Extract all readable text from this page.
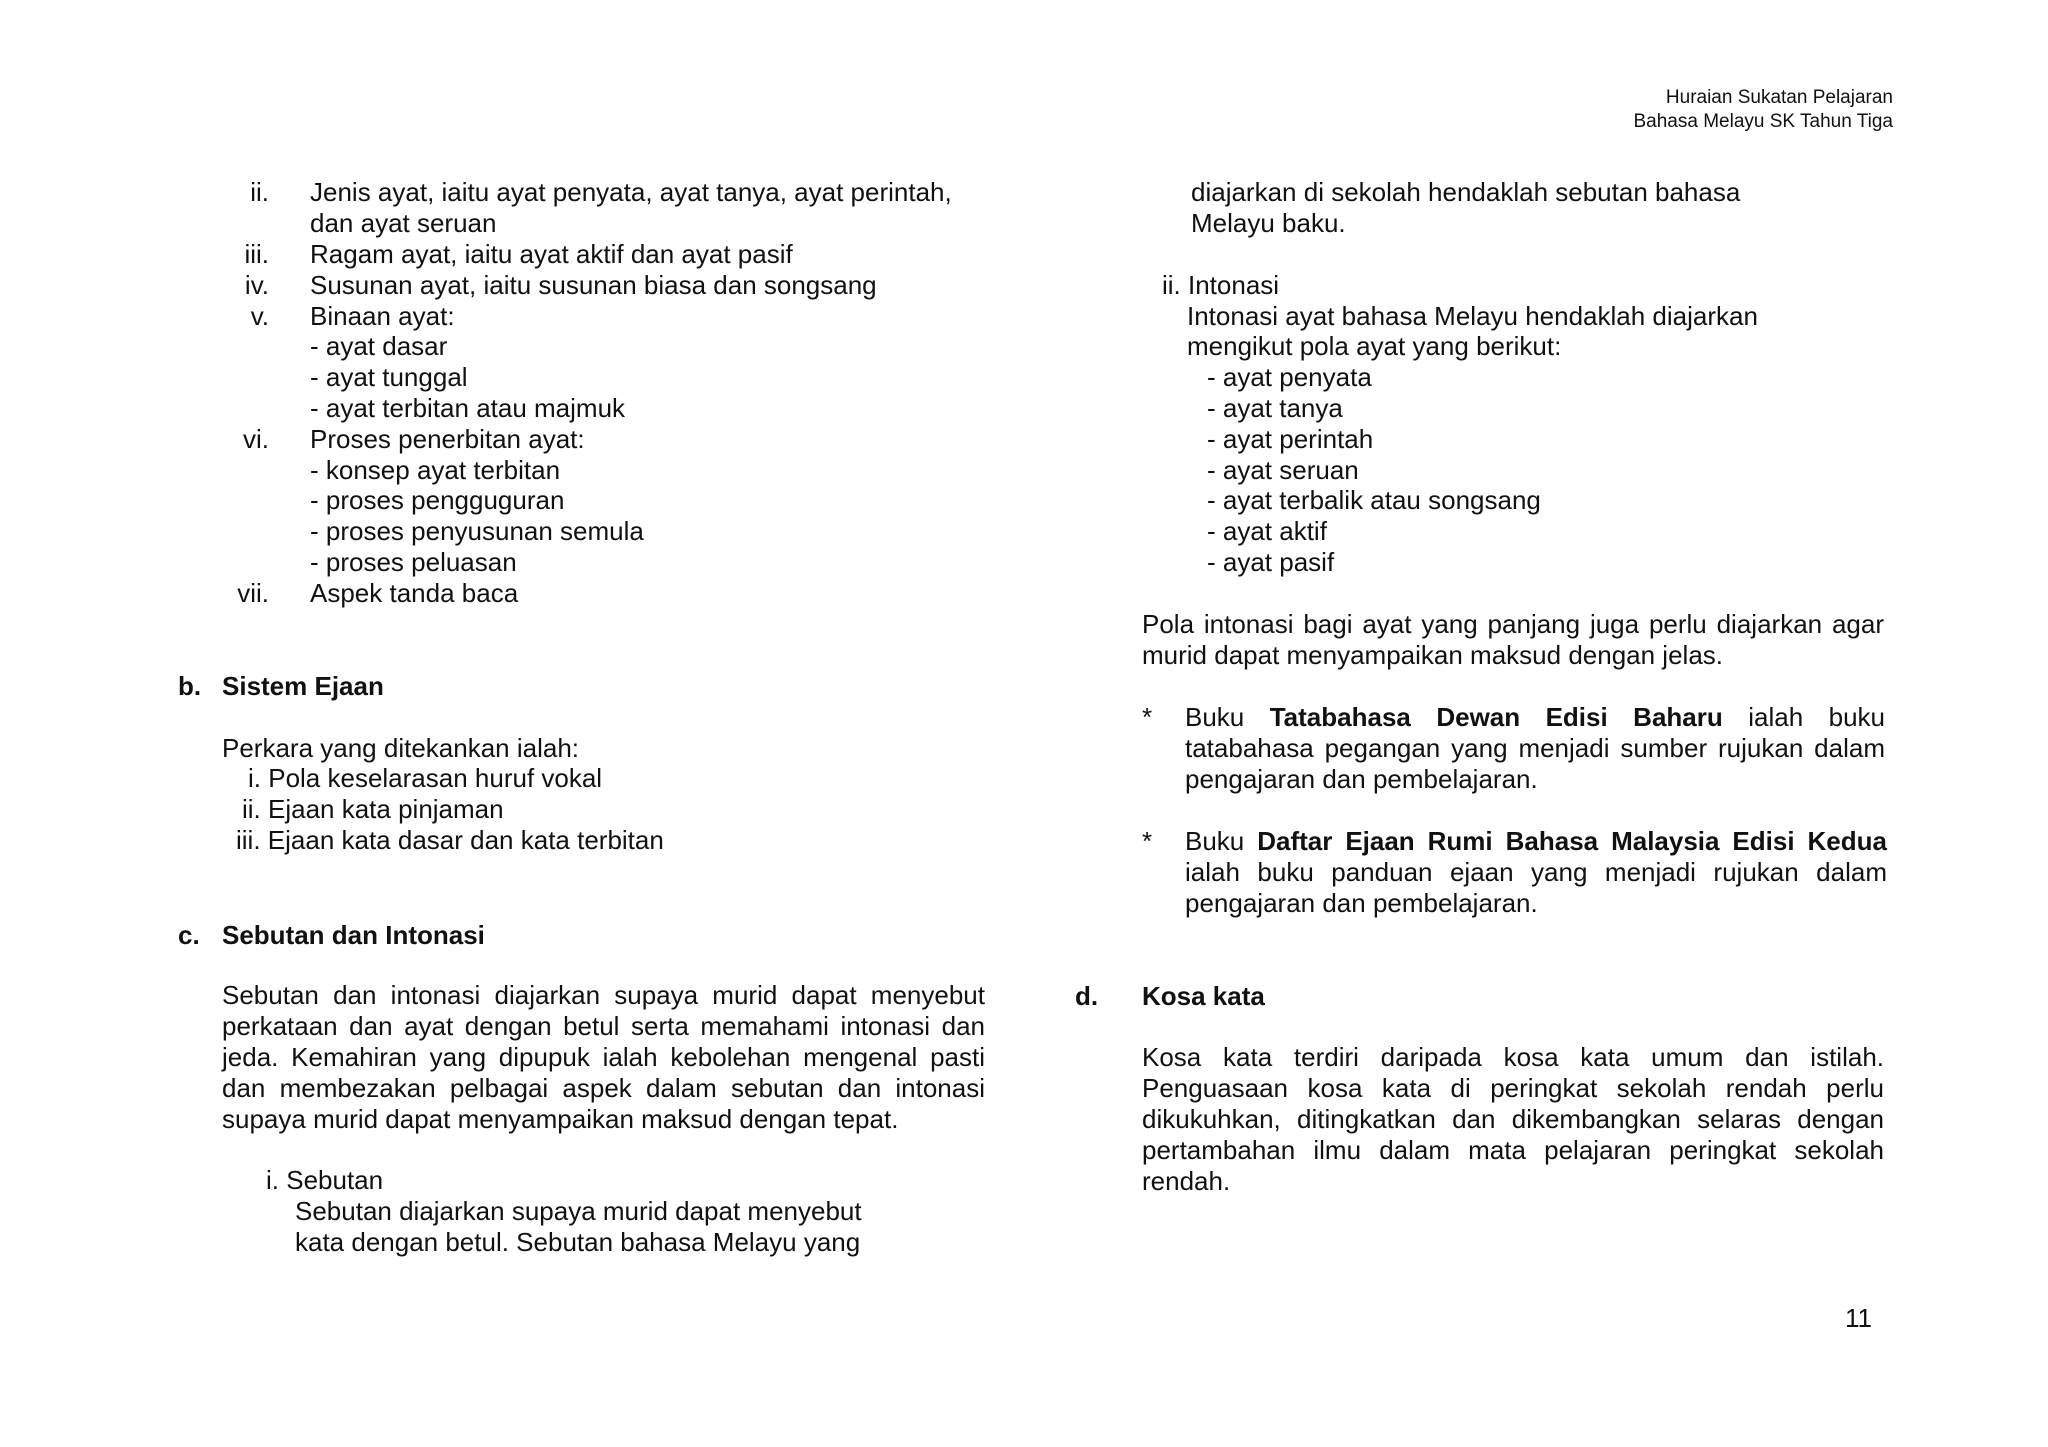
Huraian Sukatan Pelajaran
Bahasa Melayu SK Tahun Tiga
ii. Jenis ayat, iaitu ayat penyata, ayat tanya, ayat perintah,
dan ayat seruan
iii. Ragam ayat, iaitu ayat aktif dan ayat pasif
iv. Susunan ayat, iaitu susunan biasa dan songsang
v. Binaan ayat:
- ayat dasar
- ayat tunggal
- ayat terbitan atau majmuk
vi. Proses penerbitan ayat:
- konsep ayat terbitan
- proses pengguguran
- proses penyusunan semula
- proses peluasan
vii. Aspek tanda baca
b. Sistem Ejaan
Perkara yang ditekankan ialah:
i. Pola keselarasan huruf vokal
ii. Ejaan kata pinjaman
iii. Ejaan kata dasar dan kata terbitan
c. Sebutan dan Intonasi
Sebutan dan intonasi diajarkan supaya murid dapat menyebut perkataan dan ayat dengan betul serta memahami intonasi dan jeda. Kemahiran yang dipupuk ialah kebolehan mengenal pasti dan membezakan pelbagai aspek dalam sebutan dan intonasi supaya murid dapat menyampaikan maksud dengan tepat.
i. Sebutan
Sebutan diajarkan supaya murid dapat menyebut
kata dengan betul. Sebutan bahasa Melayu yang
diajarkan di sekolah hendaklah sebutan bahasa
Melayu baku.
ii. Intonasi
Intonasi ayat bahasa Melayu hendaklah diajarkan
mengikut pola ayat yang berikut:
- ayat penyata
- ayat tanya
- ayat perintah
- ayat seruan
- ayat terbalik atau songsang
- ayat aktif
- ayat pasif
Pola intonasi bagi ayat yang panjang juga perlu diajarkan agar murid dapat menyampaikan maksud dengan jelas.
* Buku Tatabahasa Dewan Edisi Baharu ialah buku tatabahasa pegangan yang menjadi sumber rujukan dalam pengajaran dan pembelajaran.
* Buku Daftar Ejaan Rumi Bahasa Malaysia Edisi Kedua ialah buku panduan ejaan yang menjadi rujukan dalam pengajaran dan pembelajaran.
d. Kosa kata
Kosa kata terdiri daripada kosa kata umum dan istilah. Penguasaan kosa kata di peringkat sekolah rendah perlu dikukuhkan, ditingkatkan dan dikembangkan selaras dengan pertambahan ilmu dalam mata pelajaran peringkat sekolah rendah.
11
